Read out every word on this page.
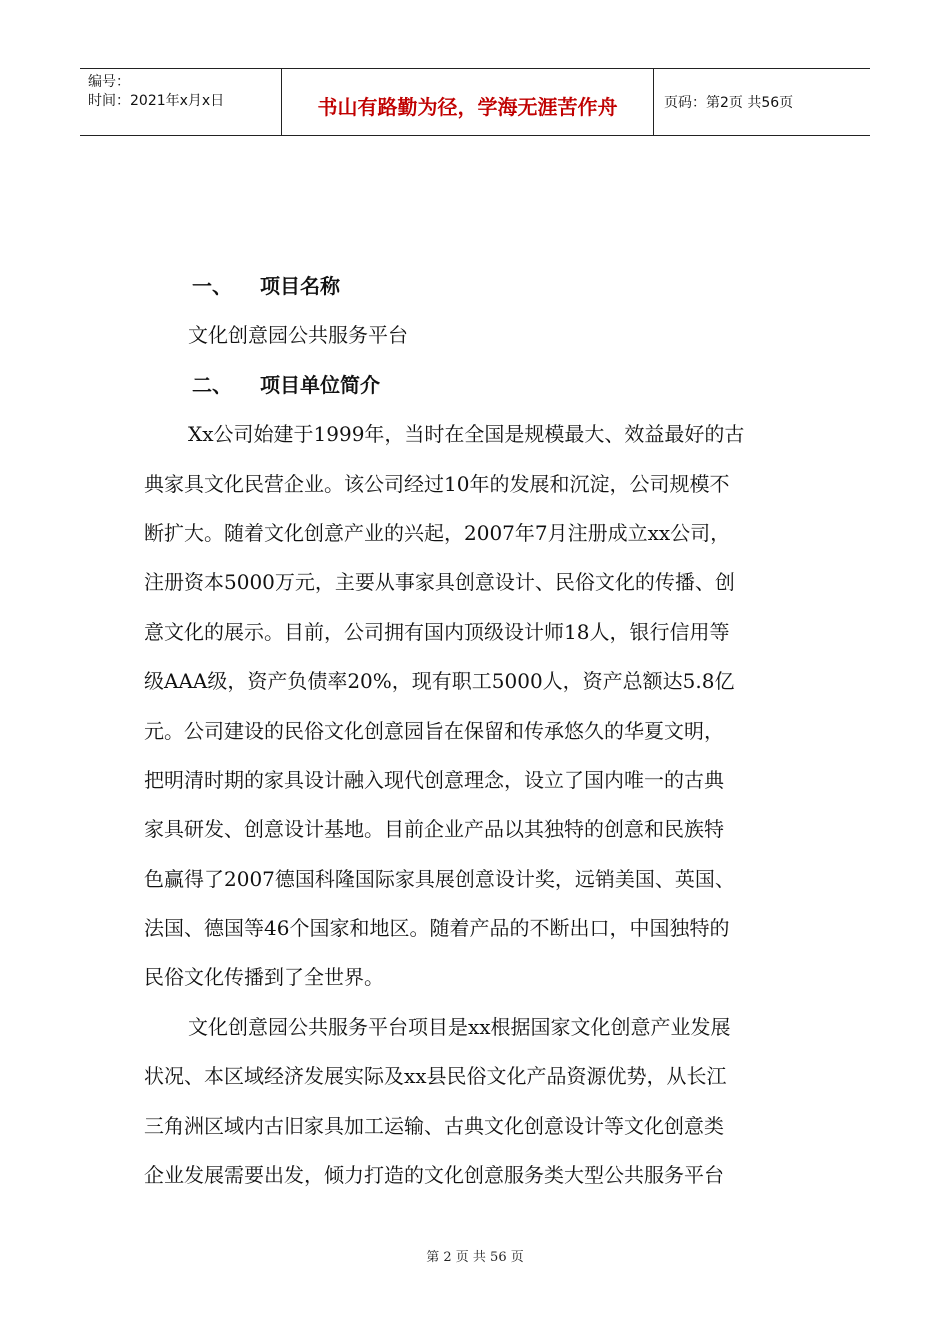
编号：
时间：2021年x月x日	书山有路勤为径，学海无涯苦作舟	页码：第2页 共56页
一、 项目名称
文化创意园公共服务平台
二、 项目单位简介
Xx公司始建于1999年，当时在全国是规模最大、效益最好的古
典家具文化民营企业。该公司经过10年的发展和沉淀，公司规模不
断扩大。随着文化创意产业的兴起，2007年7月注册成立xx公司，
注册资本5000万元，主要从事家具创意设计、民俗文化的传播、创
意文化的展示。目前，公司拥有国内顶级设计师18人，银行信用等
级AAA级，资产负债率20%，现有职工5000人，资产总额达5.8亿
元。公司建设的民俗文化创意园旨在保留和传承悠久的华夏文明，
把明清时期的家具设计融入现代创意理念，设立了国内唯一的古典
家具研发、创意设计基地。目前企业产品以其独特的创意和民族特
色赢得了2007德国科隆国际家具展创意设计奖，远销美国、英国、
法国、德国等46个国家和地区。随着产品的不断出口，中国独特的
民俗文化传播到了全世界。
文化创意园公共服务平台项目是xx根据国家文化创意产业发展
状况、本区域经济发展实际及xx县民俗文化产品资源优势，从长江
三角洲区域内古旧家具加工运输、古典文化创意设计等文化创意类
企业发展需要出发，倾力打造的文化创意服务类大型公共服务平台
第 2 页 共 56 页
